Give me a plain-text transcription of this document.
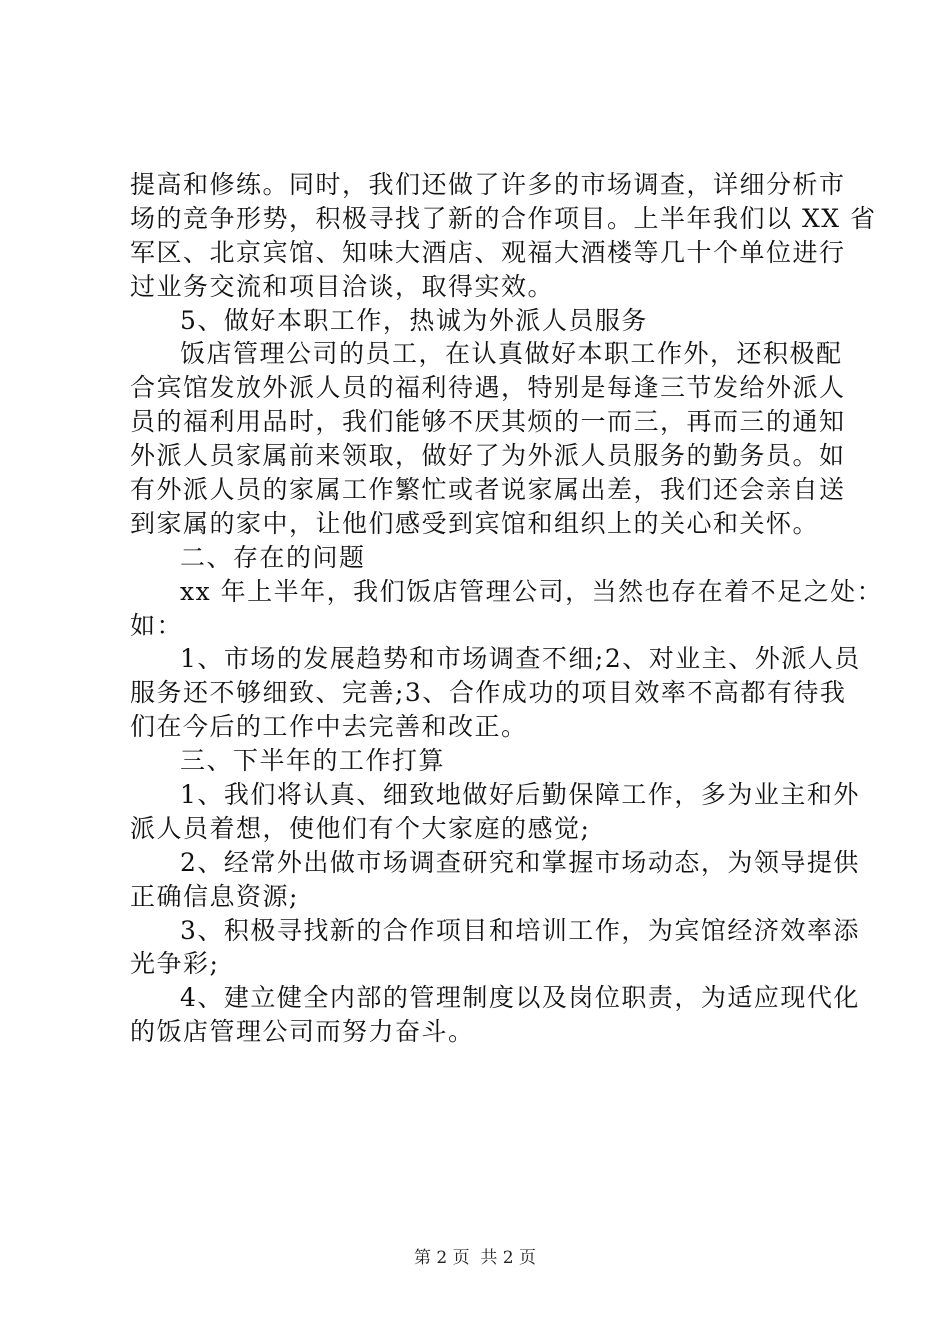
提高和修练。同时，我们还做了许多的市场调查，详细分析市
场的竞争形势，积极寻找了新的合作项目。上半年我们以 XX 省
军区、北京宾馆、知味大酒店、观福大酒楼等几十个单位进行
过业务交流和项目洽谈，取得实效。
5、做好本职工作，热诚为外派人员服务
饭店管理公司的员工，在认真做好本职工作外，还积极配
合宾馆发放外派人员的福利待遇，特别是每逢三节发给外派人
员的福利用品时，我们能够不厌其烦的一而三，再而三的通知
外派人员家属前来领取，做好了为外派人员服务的勤务员。如
有外派人员的家属工作繁忙或者说家属出差，我们还会亲自送
到家属的家中，让他们感受到宾馆和组织上的关心和关怀。
二、存在的问题
xx 年上半年，我们饭店管理公司，当然也存在着不足之处：
如：
1、市场的发展趋势和市场调查不细;2、对业主、外派人员
服务还不够细致、完善;3、合作成功的项目效率不高都有待我
们在今后的工作中去完善和改正。
三、下半年的工作打算
1、我们将认真、细致地做好后勤保障工作，多为业主和外
派人员着想，使他们有个大家庭的感觉;
2、经常外出做市场调查研究和掌握市场动态，为领导提供
正确信息资源;
3、积极寻找新的合作项目和培训工作，为宾馆经济效率添
光争彩;
4、建立健全内部的管理制度以及岗位职责，为适应现代化
的饭店管理公司而努力奋斗。
第 2 页  共 2 页
